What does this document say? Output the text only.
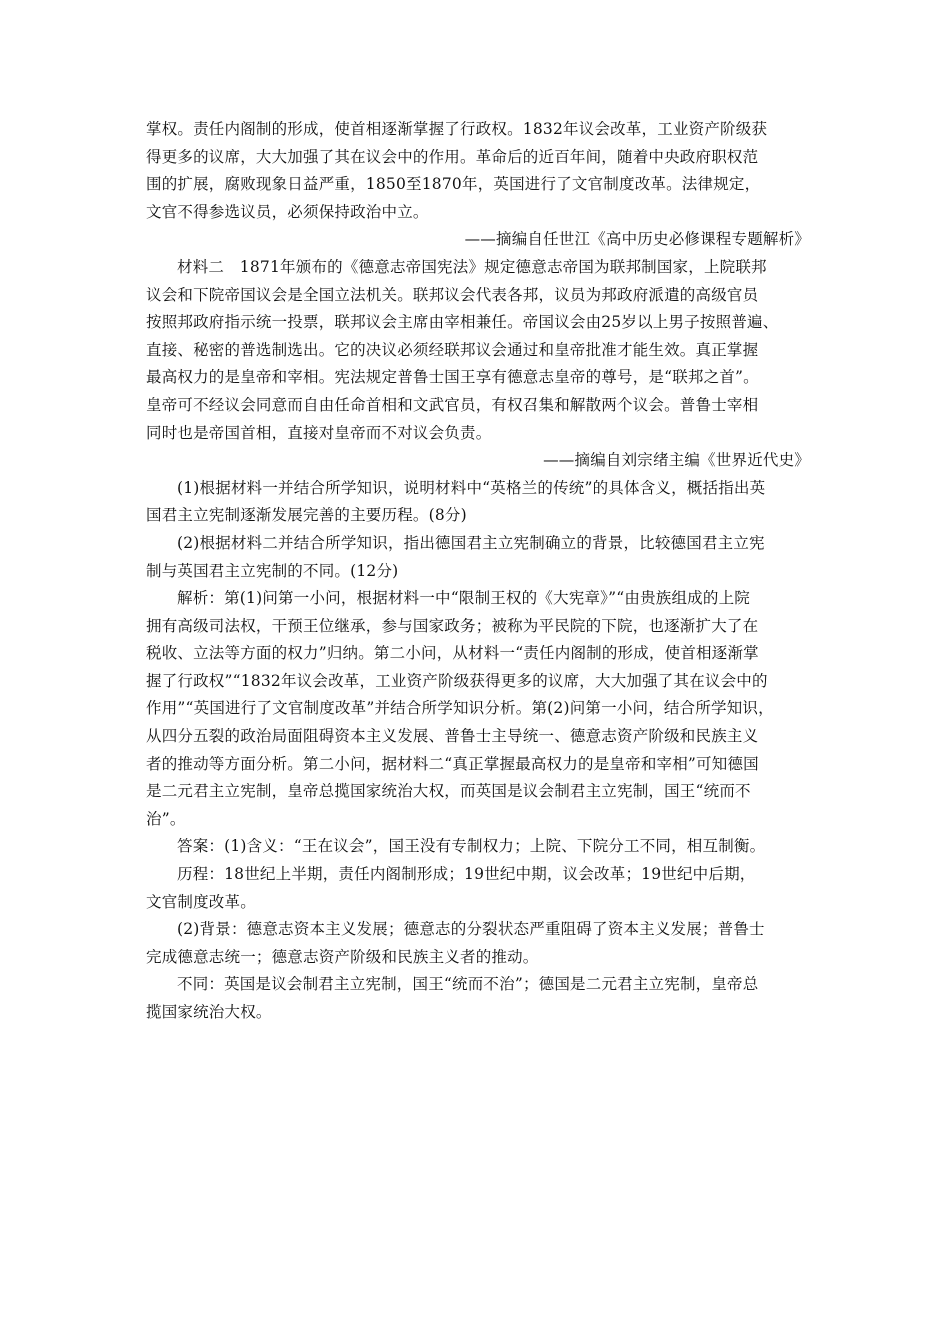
掌权。责任内阁制的形成，使首相逐渐掌握了行政权。1832年议会改革，工业资产阶级获
得更多的议席，大大加强了其在议会中的作用。革命后的近百年间，随着中央政府职权范
围的扩展，腐败现象日益严重，1850至1870年，英国进行了文官制度改革。法律规定，
文官不得参选议员，必须保持政治中立。
——摘编自任世江《高中历史必修课程专题解析》
材料二　1871年颁布的《德意志帝国宪法》规定德意志帝国为联邦制国家，上院联邦
议会和下院帝国议会是全国立法机关。联邦议会代表各邦，议员为邦政府派遣的高级官员
按照邦政府指示统一投票，联邦议会主席由宰相兼任。帝国议会由25岁以上男子按照普遍、
直接、秘密的普选制选出。它的决议必须经联邦议会通过和皇帝批准才能生效。真正掌握
最高权力的是皇帝和宰相。宪法规定普鲁士国王享有德意志皇帝的尊号，是“联邦之首”。
皇帝可不经议会同意而自由任命首相和文武官员，有权召集和解散两个议会。普鲁士宰相
同时也是帝国首相，直接对皇帝而不对议会负责。
——摘编自刘宗绪主编《世界近代史》
(1)根据材料一并结合所学知识，说明材料中“英格兰的传统”的具体含义，概括指出英
国君主立宪制逐渐发展完善的主要历程。(8分)
(2)根据材料二并结合所学知识，指出德国君主立宪制确立的背景，比较德国君主立宪
制与英国君主立宪制的不同。(12分)
解析：第(1)问第一小问，根据材料一中“限制王权的《大宪章》”“由贵族组成的上院
拥有高级司法权，干预王位继承，参与国家政务；被称为平民院的下院，也逐渐扩大了在
税收、立法等方面的权力”归纳。第二小问，从材料一“责任内阁制的形成，使首相逐渐掌
握了行政权”“1832年议会改革，工业资产阶级获得更多的议席，大大加强了其在议会中的
作用”“英国进行了文官制度改革”并结合所学知识分析。第(2)问第一小问，结合所学知识，
从四分五裂的政治局面阻碍资本主义发展、普鲁士主导统一、德意志资产阶级和民族主义
者的推动等方面分析。第二小问，据材料二“真正掌握最高权力的是皇帝和宰相”可知德国
是二元君主立宪制，皇帝总揽国家统治大权，而英国是议会制君主立宪制，国王“统而不
治”。
答案：(1)含义：“王在议会”，国王没有专制权力；上院、下院分工不同，相互制衡。
历程：18世纪上半期，责任内阁制形成；19世纪中期，议会改革；19世纪中后期，
文官制度改革。
(2)背景：德意志资本主义发展；德意志的分裂状态严重阻碍了资本主义发展；普鲁士
完成德意志统一；德意志资产阶级和民族主义者的推动。
不同：英国是议会制君主立宪制，国王“统而不治”；德国是二元君主立宪制，皇帝总
揽国家统治大权。
